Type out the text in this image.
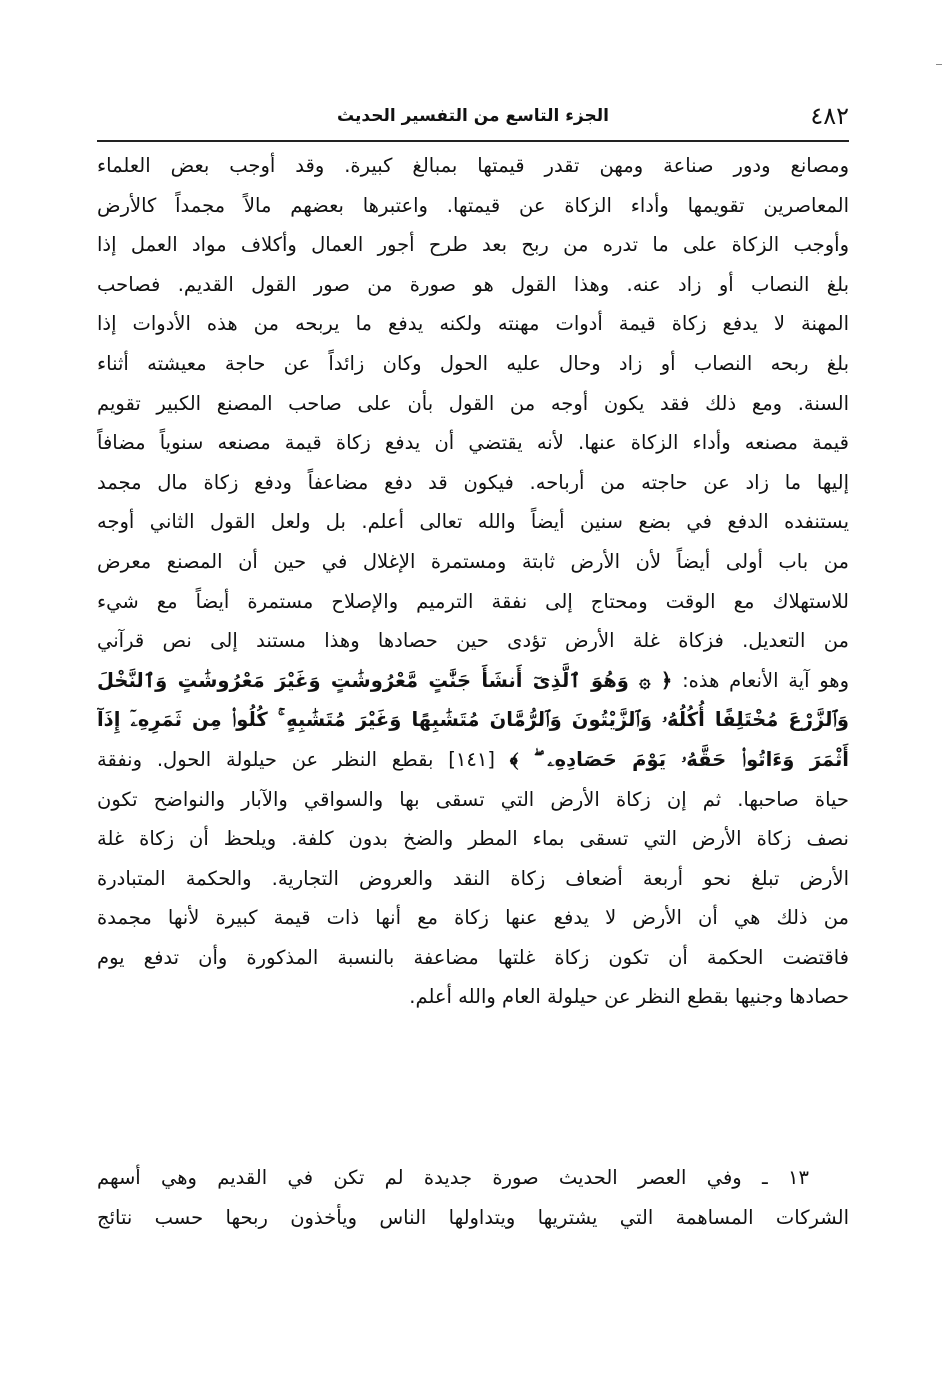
٤٨٢
الجزء التاسع من التفسير الحديث
ومصانع ودور صناعة ومهن تقدر قيمتها بمبالغ كبيرة. وقد أوجب بعض العلماء
المعاصرين تقويمها وأداء الزكاة عن قيمتها. واعتبرها بعضهم مالاً مجمداً كالأرض
وأوجب الزكاة على ما تدره من ربح بعد طرح أجور العمال وأكلاف مواد العمل إذا
بلغ النصاب أو زاد عنه. وهذا القول هو صورة من صور القول القديم. فصاحب
المهنة لا يدفع زكاة قيمة أدوات مهنته ولكنه يدفع ما يربحه من هذه الأدوات إذا
بلغ ربحه النصاب أو زاد وحال عليه الحول وكان زائداً عن حاجة معيشته أثناء
السنة. ومع ذلك فقد يكون أوجه من القول بأن على صاحب المصنع الكبير تقويم
قيمة مصنعه وأداء الزكاة عنها. لأنه يقتضي أن يدفع زكاة قيمة مصنعه سنوياً مضافاً
إليها ما زاد عن حاجته من أرباحه. فيكون قد دفع مضاعفاً ودفع زكاة مال مجمد
يستنفده الدفع في بضع سنين أيضاً والله تعالى أعلم. بل ولعل القول الثاني أوجه
من باب أولى أيضاً لأن الأرض ثابتة ومستمرة الإغلال في حين أن المصنع معرض
للاستهلاك مع الوقت ومحتاج إلى نفقة الترميم والإصلاح مستمرة أيضاً مع شيء
من التعديل. فزكاة غلة الأرض تؤدى حين حصادها وهذا مستند إلى نص قرآني
وهو آية الأنعام هذه: ﴿ ۞ وَهُوَ ٱلَّذِىٓ أَنشَأَ جَنَّٰتٍ مَّعْرُوشَٰتٍ وَغَيْرَ مَعْرُوشَٰتٍ وَٱلنَّخْلَ
وَٱلزَّرْعَ مُخْتَلِفًا أُكُلُهُۥ وَٱلزَّيْتُونَ وَٱلرُّمَّانَ مُتَشَٰبِهًا وَغَيْرَ مُتَشَٰبِهٍ ۚ كُلُوا۟ مِن ثَمَرِهِۦٓ إِذَآ
أَثْمَرَ وَءَاتُوا۟ حَقَّهُۥ يَوْمَ حَصَادِهِۦ ۖ ﴾ [١٤١] بقطع النظر عن حيلولة الحول. ونفقة
حياة صاحبها. ثم إن زكاة الأرض التي تسقى بها والسواقي والآبار والنواضح تكون
نصف زكاة الأرض التي تسقى بماء المطر والضخ بدون كلفة. ويلحظ أن زكاة غلة
الأرض تبلغ نحو أربعة أضعاف زكاة النقد والعروض التجارية. والحكمة المتبادرة
من ذلك هي أن الأرض لا يدفع عنها زكاة مع أنها ذات قيمة كبيرة لأنها مجمدة
فاقتضت الحكمة أن تكون زكاة غلتها مضاعفة بالنسبة المذكورة وأن تدفع يوم
حصادها وجنيها بقطع النظر عن حيلولة العام والله أعلم.
١٣ ـ وفي العصر الحديث صورة جديدة لم تكن في القديم وهي أسهم
الشركات المساهمة التي يشتريها ويتداولها الناس ويأخذون ربحها حسب نتائج
